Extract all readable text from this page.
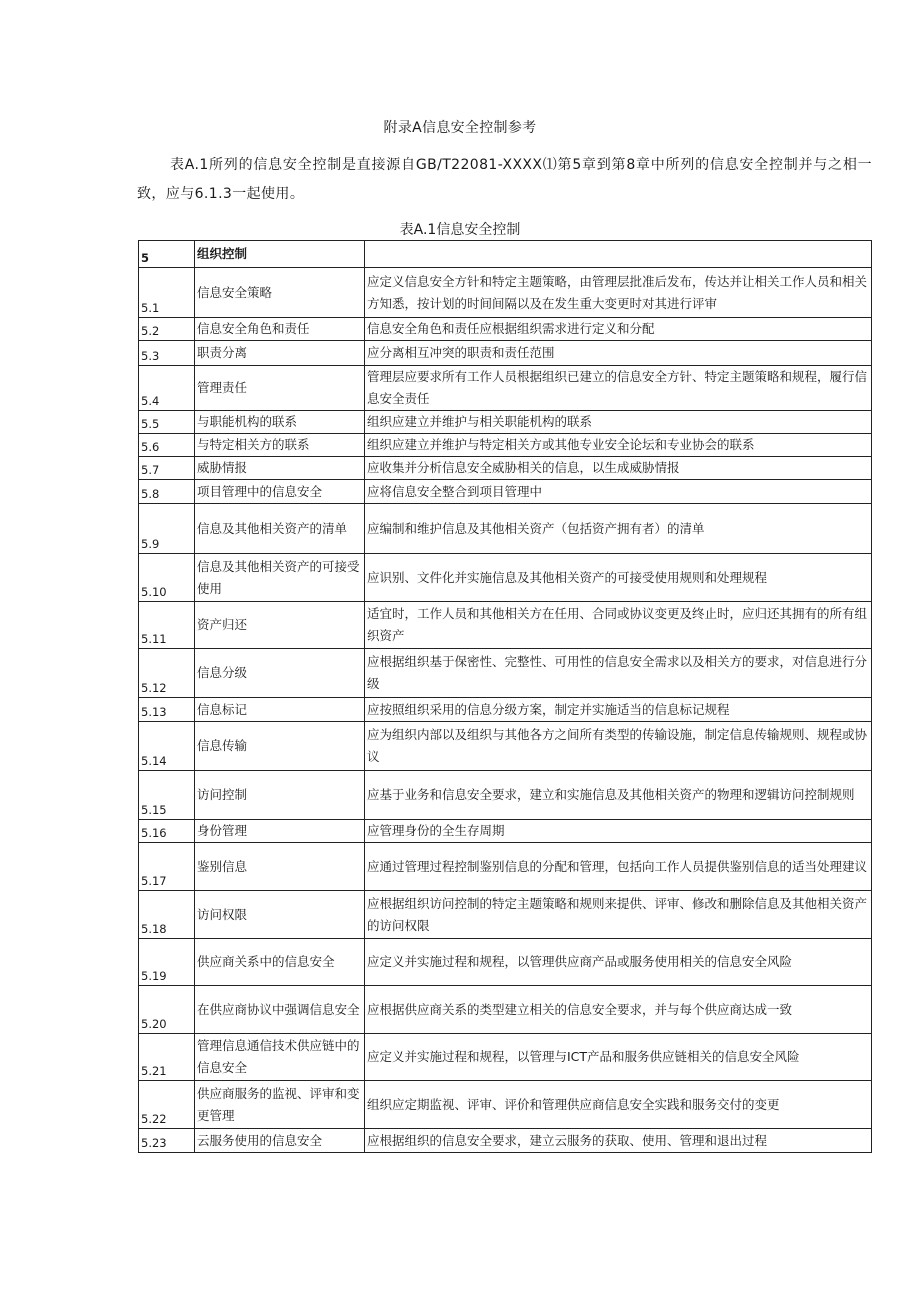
附录A信息安全控制参考
表A.1所列的信息安全控制是直接源自GB/T22081-XXXX⑴第5章到第8章中所列的信息安全控制并与之相一致，应与6.1.3一起使用。
表A.1信息安全控制
5	组织控制	
5.1	信息安全策略	应定义信息安全方针和特定主题策略，由管理层批准后发布，传达并让相关工作人员和相关方知悉，按计划的时间间隔以及在发生重大变更时对其进行评审
5.2	信息安全角色和责任	信息安全角色和责任应根据组织需求进行定义和分配
5.3	职责分离	应分离相互冲突的职责和责任范围
5.4	管理责任	管理层应要求所有工作人员根据组织已建立的信息安全方针、特定主题策略和规程，履行信息安全责任
5.5	与职能机构的联系	组织应建立并维护与相关职能机构的联系
5.6	与特定相关方的联系	组织应建立并维护与特定相关方或其他专业安全论坛和专业协会的联系
5.7	威胁情报	应收集并分析信息安全威胁相关的信息，以生成威胁情报
5.8	项目管理中的信息安全	应将信息安全整合到项目管理中
5.9	信息及其他相关资产的清单	应编制和维护信息及其他相关资产（包括资产拥有者）的清单
5.10	信息及其他相关资产的可接受使用	应识别、文件化并实施信息及其他相关资产的可接受使用规则和处理规程
5.11	资产归还	适宜时，工作人员和其他相关方在任用、合同或协议变更及终止时，应归还其拥有的所有组织资产
5.12	信息分级	应根据组织基于保密性、完整性、可用性的信息安全需求以及相关方的要求，对信息进行分级
5.13	信息标记	应按照组织采用的信息分级方案，制定并实施适当的信息标记规程
5.14	信息传输	应为组织内部以及组织与其他各方之间所有类型的传输设施，制定信息传输规则、规程或协议
5.15	访问控制	应基于业务和信息安全要求，建立和实施信息及其他相关资产的物理和逻辑访问控制规则
5.16	身份管理	应管理身份的全生存周期
5.17	鉴别信息	应通过管理过程控制鉴别信息的分配和管理，包括向工作人员提供鉴别信息的适当处理建议
5.18	访问权限	应根据组织访问控制的特定主题策略和规则来提供、评审、修改和删除信息及其他相关资产的访问权限
5.19	供应商关系中的信息安全	应定义并实施过程和规程，以管理供应商产品或服务使用相关的信息安全风险
5.20	在供应商协议中强调信息安全	应根据供应商关系的类型建立相关的信息安全要求，并与每个供应商达成一致
5.21	管理信息通信技术供应链中的信息安全	应定义并实施过程和规程，以管理与ICT产品和服务供应链相关的信息安全风险
5.22	供应商服务的监视、评审和变更管理	组织应定期监视、评审、评价和管理供应商信息安全实践和服务交付的变更
5.23	云服务使用的信息安全	应根据组织的信息安全要求，建立云服务的获取、使用、管理和退出过程
